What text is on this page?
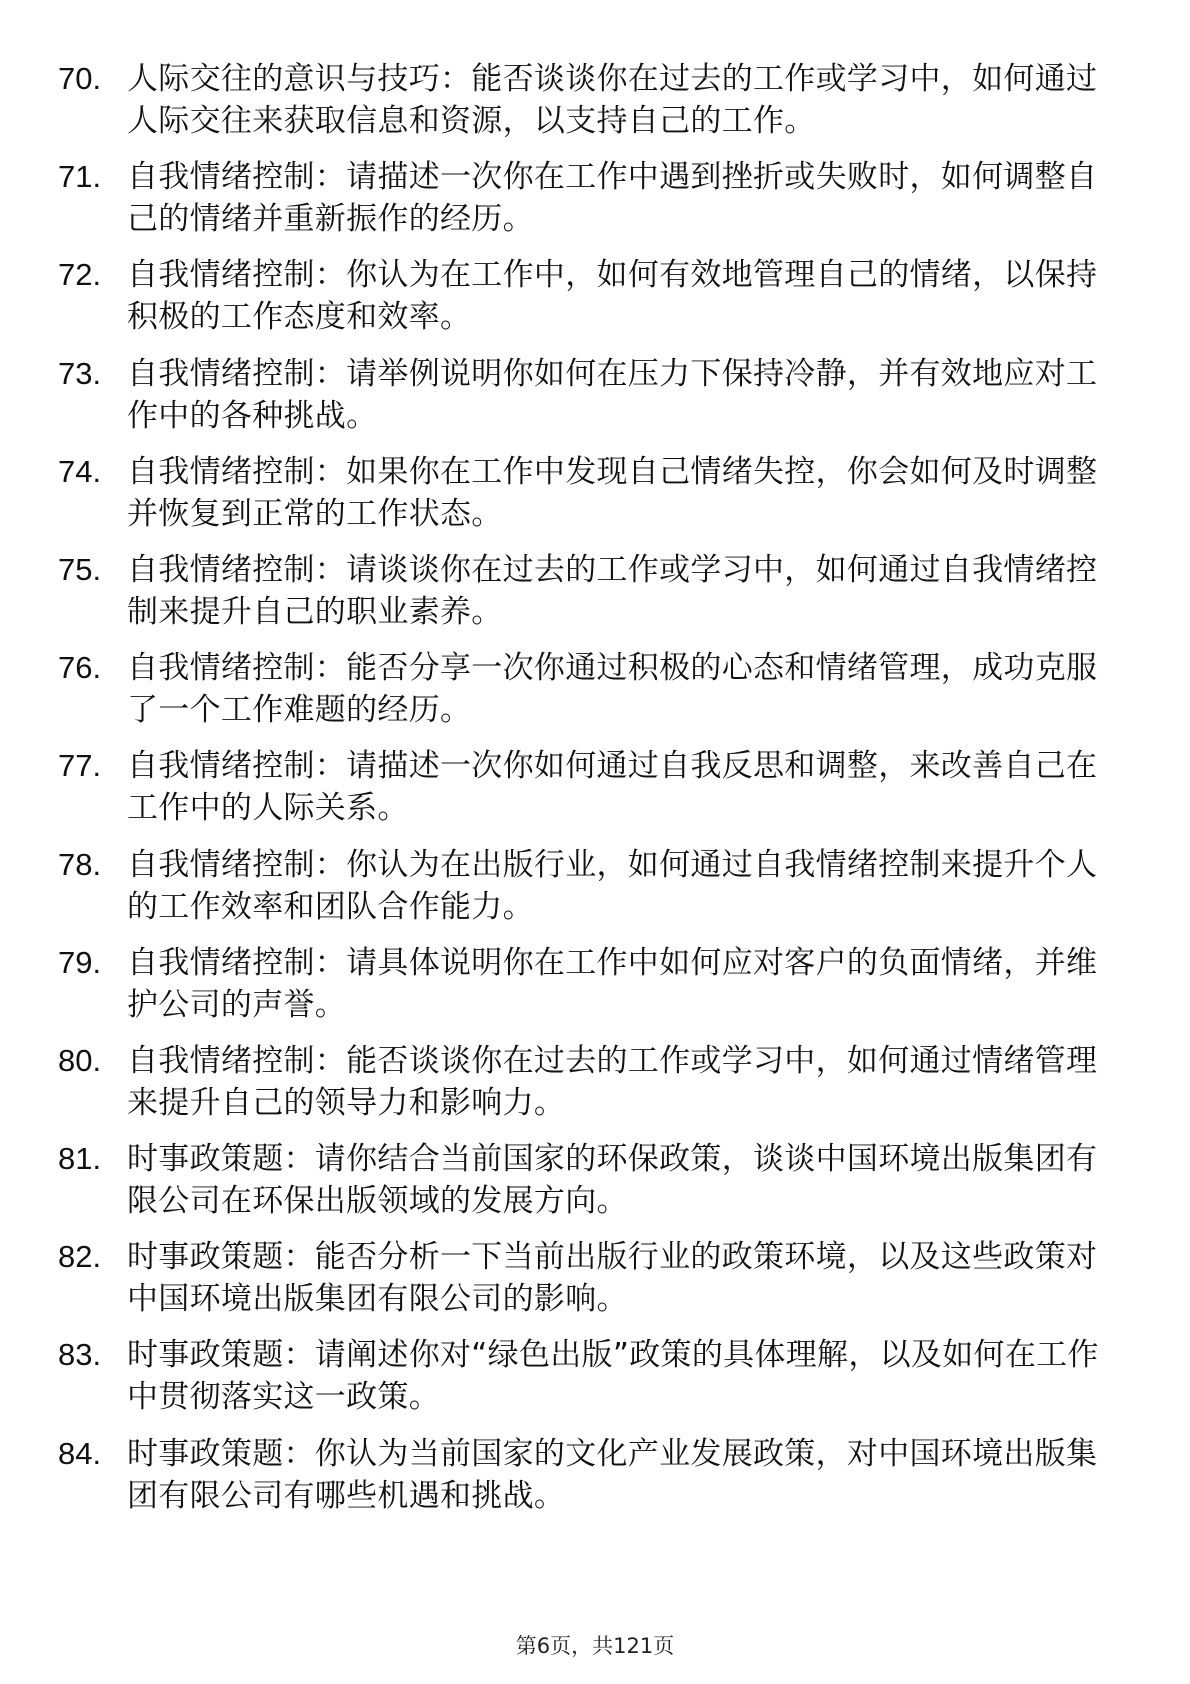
70. 人际交往的意识与技巧：能否谈谈你在过去的工作或学习中，如何通过人际交往来获取信息和资源，以支持自己的工作。
71. 自我情绪控制：请描述一次你在工作中遇到挫折或失败时，如何调整自己的情绪并重新振作的经历。
72. 自我情绪控制：你认为在工作中，如何有效地管理自己的情绪，以保持积极的工作态度和效率。
73. 自我情绪控制：请举例说明你如何在压力下保持冷静，并有效地应对工作中的各种挑战。
74. 自我情绪控制：如果你在工作中发现自己情绪失控，你会如何及时调整并恢复到正常的工作状态。
75. 自我情绪控制：请谈谈你在过去的工作或学习中，如何通过自我情绪控制来提升自己的职业素养。
76. 自我情绪控制：能否分享一次你通过积极的心态和情绪管理，成功克服了一个工作难题的经历。
77. 自我情绪控制：请描述一次你如何通过自我反思和调整，来改善自己在工作中的人际关系。
78. 自我情绪控制：你认为在出版行业，如何通过自我情绪控制来提升个人的工作效率和团队合作能力。
79. 自我情绪控制：请具体说明你在工作中如何应对客户的负面情绪，并维护公司的声誉。
80. 自我情绪控制：能否谈谈你在过去的工作或学习中，如何通过情绪管理来提升自己的领导力和影响力。
81. 时事政策题：请你结合当前国家的环保政策，谈谈中国环境出版集团有限公司在环保出版领域的发展方向。
82. 时事政策题：能否分析一下当前出版行业的政策环境，以及这些政策对中国环境出版集团有限公司的影响。
83. 时事政策题：请阐述你对“绿色出版”政策的具体理解，以及如何在工作中贯彻落实这一政策。
84. 时事政策题：你认为当前国家的文化产业发展政策，对中国环境出版集团有限公司有哪些机遇和挑战。
第6页，共121页
